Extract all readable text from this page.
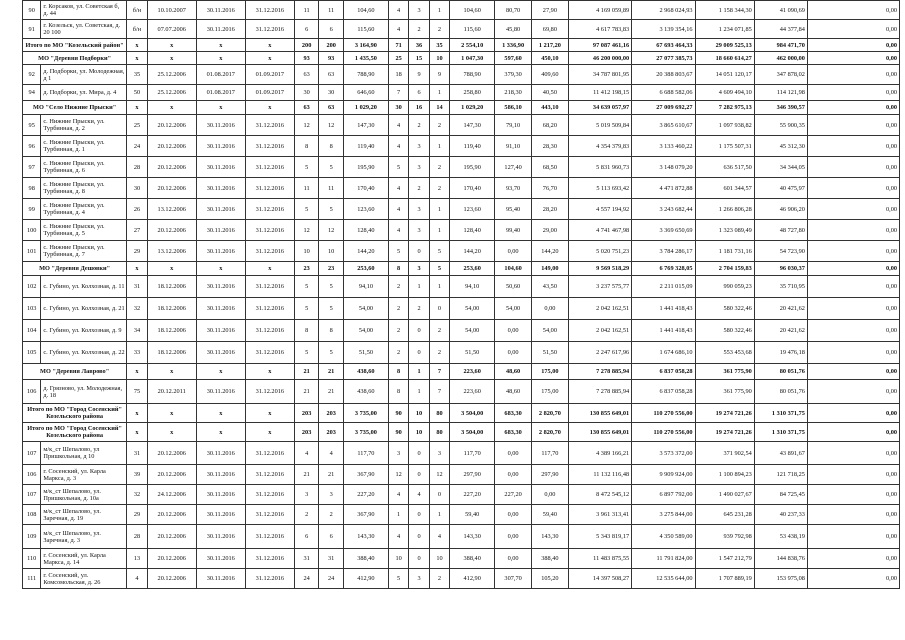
90	г. Корсаков, ул. Советская б, д. 44	б/н	10.10.2007	30.11.2016	31.12.2016	11	11	104,60	4	3	1	104,60	80,70	27,90	4 169 059,89	2 968 024,93	1 158 344,30	41 090,69	0,00
91	г. Козельск, ул. Советская, д. 20 100	б/н	07.07.2006	30.11.2016	31.12.2016	6	6	115,60	4	2	2	115,60	45,80	69,80	4 617 783,83	3 139 354,16	1 234 071,85	44 377,84	0,00
Итого по МО "Козельский район"		x	x	x	x	200	200	3 164,90	71	36	35	2 554,10	1 336,90	1 217,20	97 087 461,16	67 693 464,33	29 009 525,13	984 471,70	0,00
МО "Деревня Подборки"		x	x	x	x	93	93	1 435,50	25	15	10	1 047,30	597,60	450,10	46 200 000,00	27 077 385,73	18 660 614,27	462 000,00	0,00
92	д. Подборки, ул. Молодежная, д 1	35	25.12.2006	01.08.2017	01.09.2017	63	63	788,90	18	9	9	788,90	379,30	409,60	34 787 801,95	20 388 803,67	14 051 120,17	347 878,02	0,00
94	д. Подборки, ул. Мира, д. 4	50	25.12.2006	01.08.2017	01.09.2017	30	30	646,60	7	6	1	258,80	218,30	40,50	11 412 198,15	6 688 582,06	4 609 494,10	114 121,98	0,00
МО "Село Нижние Прыски"		x	x	x	x	63	63	1 029,20	30	16	14	1 029,20	586,10	443,10	34 639 057,97	27 009 692,27	7 282 975,13	346 390,57	0,00
95	с. Нижние Прыски, ул. Турбинная, д. 2	25	20.12.2006	30.11.2016	31.12.2016	12	12	147,30	4	2	2	147,30	79,10	68,20	5 019 509,84	3 865 610,67	1 097 938,82	55 900,35	0,00
96	с. Нижние Прыски, ул. Турбинная, д. 1	24	20.12.2006	30.11.2016	31.12.2016	8	8	119,40	4	3	1	119,40	91,10	28,30	4 354 379,83	3 133 460,22	1 175 507,31	45 312,30	0,00
97	с. Нижние Прыски, ул. Турбинная, д. 6	28	20.12.2006	30.11.2016	31.12.2016	5	5	195,90	5	3	2	195,90	127,40	68,50	5 831 960,73	3 148 079,20	636 517,50	34 344,05	0,00
98	с. Нижние Прыски, ул. Турбинная, д. 8	30	20.12.2006	30.11.2016	31.12.2016	11	11	170,40	4	2	2	170,40	93,70	76,70	5 113 693,42	4 471 872,88	601 344,57	40 475,97	0,00
99	с. Нижние Прыски, ул. Турбинная, д. 4	26	13.12.2006	30.11.2016	31.12.2016	5	5	123,60	4	3	1	123,60	95,40	28,20	4 557 194,92	3 243 682,44	1 266 806,28	46 906,20	0,00
100	с. Нижние Прыски, ул. Турбинная, д. 5	27	20.12.2006	30.11.2016	31.12.2016	12	12	128,40	4	3	1	128,40	99,40	29,00	4 741 467,98	3 369 650,69	1 323 089,49	48 727,80	0,00
101	с. Нижние Прыски, ул. Турбинная, д. 7	29	13.12.2006	30.11.2016	31.12.2016	10	10	144,20	5	0	5	144,20	0,00	144,20	5 020 751,23	3 784 286,17	1 181 731,16	54 723,90	0,00
МО "Деревня Дешовки"		x	x	x	x	23	23	253,60	8	3	5	253,60	104,60	149,00	9 569 518,29	6 769 328,05	2 704 159,83	96 030,37	0,00
102	с. Губино, ул. Колхозная, д. 11	31	18.12.2006	30.11.2016	31.12.2016	5	5	94,10	2	1	1	94,10	50,60	43,50	3 237 575,77	2 211 015,09	990 059,23	35 710,95	0,00
103	с. Губино, ул. Колхозная, д. 21	32	18.12.2006	30.11.2016	31.12.2016	5	5	54,00	2	2	0	54,00	54,00	0,00	2 042 162,51	1 441 418,43	580 322,46	20 421,62	0,00
104	с. Губино, ул. Колхозная, д. 9	34	18.12.2006	30.11.2016	31.12.2016	8	8	54,00	2	0	2	54,00	0,00	54,00	2 042 162,51	1 441 418,43	580 322,46	20 421,62	0,00
105	с. Губино, ул. Колхозная, д. 22	33	18.12.2006	30.11.2016	31.12.2016	5	5	51,50	2	0	2	51,50	0,00	51,50	2 247 617,96	1 674 686,10	553 453,68	19 476,18	0,00
МО "Деревня Лаврово"		x	x	x	x	21	21	438,60	8	1	7	223,60	48,60	175,00	7 278 885,94	6 837 058,28	361 775,90	80 051,76	0,00
106	д. Грязново, ул. Молодежная, д. 18	75	20.12.2011	30.11.2016	31.12.2016	21	21	438,60	8	1	7	223,60	48,60	175,00	7 278 885,94	6 837 058,28	361 775,90	80 051,76	0,00
Итого по МО "Город Сосенский" Козельского района		x	x	x	x	203	203	3 735,00	90	10	80	3 504,00	683,30	2 820,70	130 855 649,01	110 270 556,00	19 274 721,26	1 310 371,75	0,00
Итого по МО "Город Сосенский" Козельского района		x	x	x	x	203	203	3 735,00	90	10	80	3 504,00	683,30	2 820,70	130 855 649,01	110 270 556,00	19 274 721,26	1 310 371,75	0,00
107	м/к_ст Шепалово, ул Пришкольная, д 10	31	20.12.2006	30.11.2016	31.12.2016	4	4	117,70	3	0	3	117,70	0,00	117,70	4 389 166,21	3 573 372,00	371 902,54	43 891,67	0,00
106	г. Сосенский, ул. Карла Маркса, д. 3	39	20.12.2006	30.11.2016	31.12.2016	21	21	367,90	12	0	12	297,90	0,00	297,90	11 132 116,48	9 909 924,00	1 100 894,23	121 718,25	0,00
107	м/к_ст Шепалово, ул. Пришкольная, д. 10а	32	24.12.2006	30.11.2016	31.12.2016	3	3	227,20	4	4	0	227,20	227,20	0,00	8 472 545,12	6 897 792,00	1 490 027,67	84 725,45	0,00
108	м/к_ст Шепалово, ул. Заречная, д. 19	29	20.12.2006	30.11.2016	31.12.2016	2	2	367,90	1	0	1	59,40	0,00	59,40	3 961 313,41	3 275 844,00	645 231,28	40 237,33	0,00
109	м/к_ст Шепалово, ул. Заречная, д. 3	28	20.12.2006	30.11.2016	31.12.2016	6	6	143,30	4	0	4	143,30	0,00	143,30	5 343 819,17	4 350 589,00	939 792,98	53 438,19	0,00
110	г. Сосенский, ул. Карла Маркса, д. 14	13	20.12.2006	30.11.2016	31.12.2016	31	31	388,40	10	0	10	388,40	0,00	388,40	11 483 875,55	11 791 824,00	1 547 212,79	144 838,76	0,00
111	г. Сосенский, ул. Комсомольская, д. 26	4	20.12.2006	30.11.2016	31.12.2016	24	24	412,90	5	3	2	412,90	307,70	105,20	14 397 508,27	12 535 644,00	1 707 889,19	153 975,08	0,00
